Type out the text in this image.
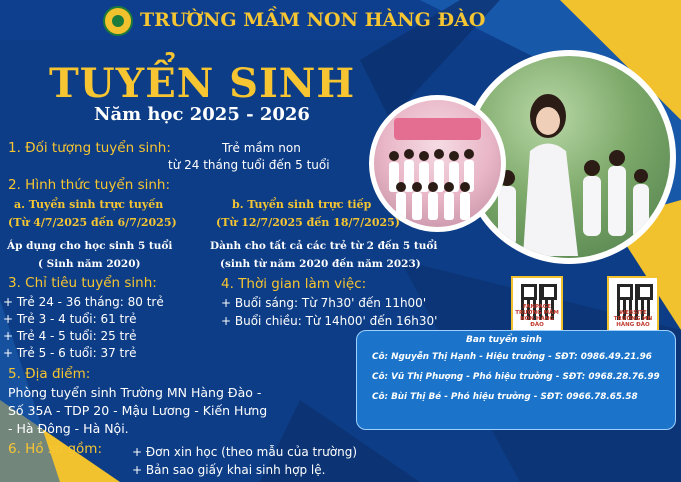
TRƯỜNG MẦM NON HÀNG ĐÀO
TUYỂN SINH
Năm học 2025 - 2026
1. Đối tượng tuyển sinh:	Trẻ mầm non
từ 24 tháng tuổi đến 5 tuổi
2. Hình thức tuyển sinh:
a. Tuyển sinh trực tuyến
(Từ 4/7/2025 đến 6/7/2025)
b. Tuyển sinh trực tiếp
(Từ 12/7/2025 đến 18/7/2025)
Áp dụng cho học sinh 5 tuổi
( Sinh năm 2020)
Dành cho tất cả các trẻ từ 2 đến 5 tuổi
(sinh từ năm 2020 đến năm 2023)
3. Chỉ tiêu tuyển sinh:
+ Trẻ 24 - 36 tháng: 80 trẻ
+ Trẻ 3 - 4 tuổi: 61 trẻ
+ Trẻ 4 - 5 tuổi: 25 trẻ
+ Trẻ 5 - 6 tuổi: 37 trẻ
4. Thời gian làm việc:
+ Buổi sáng: Từ 7h30' đến 11h00'
+ Buổi chiều: Từ 14h00' đến 16h30'
FANPAGE TRƯỜNG MẦM NON HÀNG ĐÀO
WEBSITE TRƯỜNG MN HÀNG ĐÀO
5. Địa điểm:
Phòng tuyển sinh Trường MN Hàng Đào -
Số 35A - TDP 20 - Mậu Lương - Kiến Hưng
- Hà Đông - Hà Nội.
6. Hồ sơ gồm:	+ Đơn xin học (theo mẫu của trường)
+ Bản sao giấy khai sinh hợp lệ.
Ban tuyển sinh
Cô: Nguyễn Thị Hạnh - Hiệu trưởng - SĐT: 0986.49.21.96
Cô: Vũ Thị Phượng - Phó hiệu trưởng - SĐT: 0968.28.76.99
Cô: Bùi Thị Bé - Phó hiệu trưởng - SĐT: 0966.78.65.58
